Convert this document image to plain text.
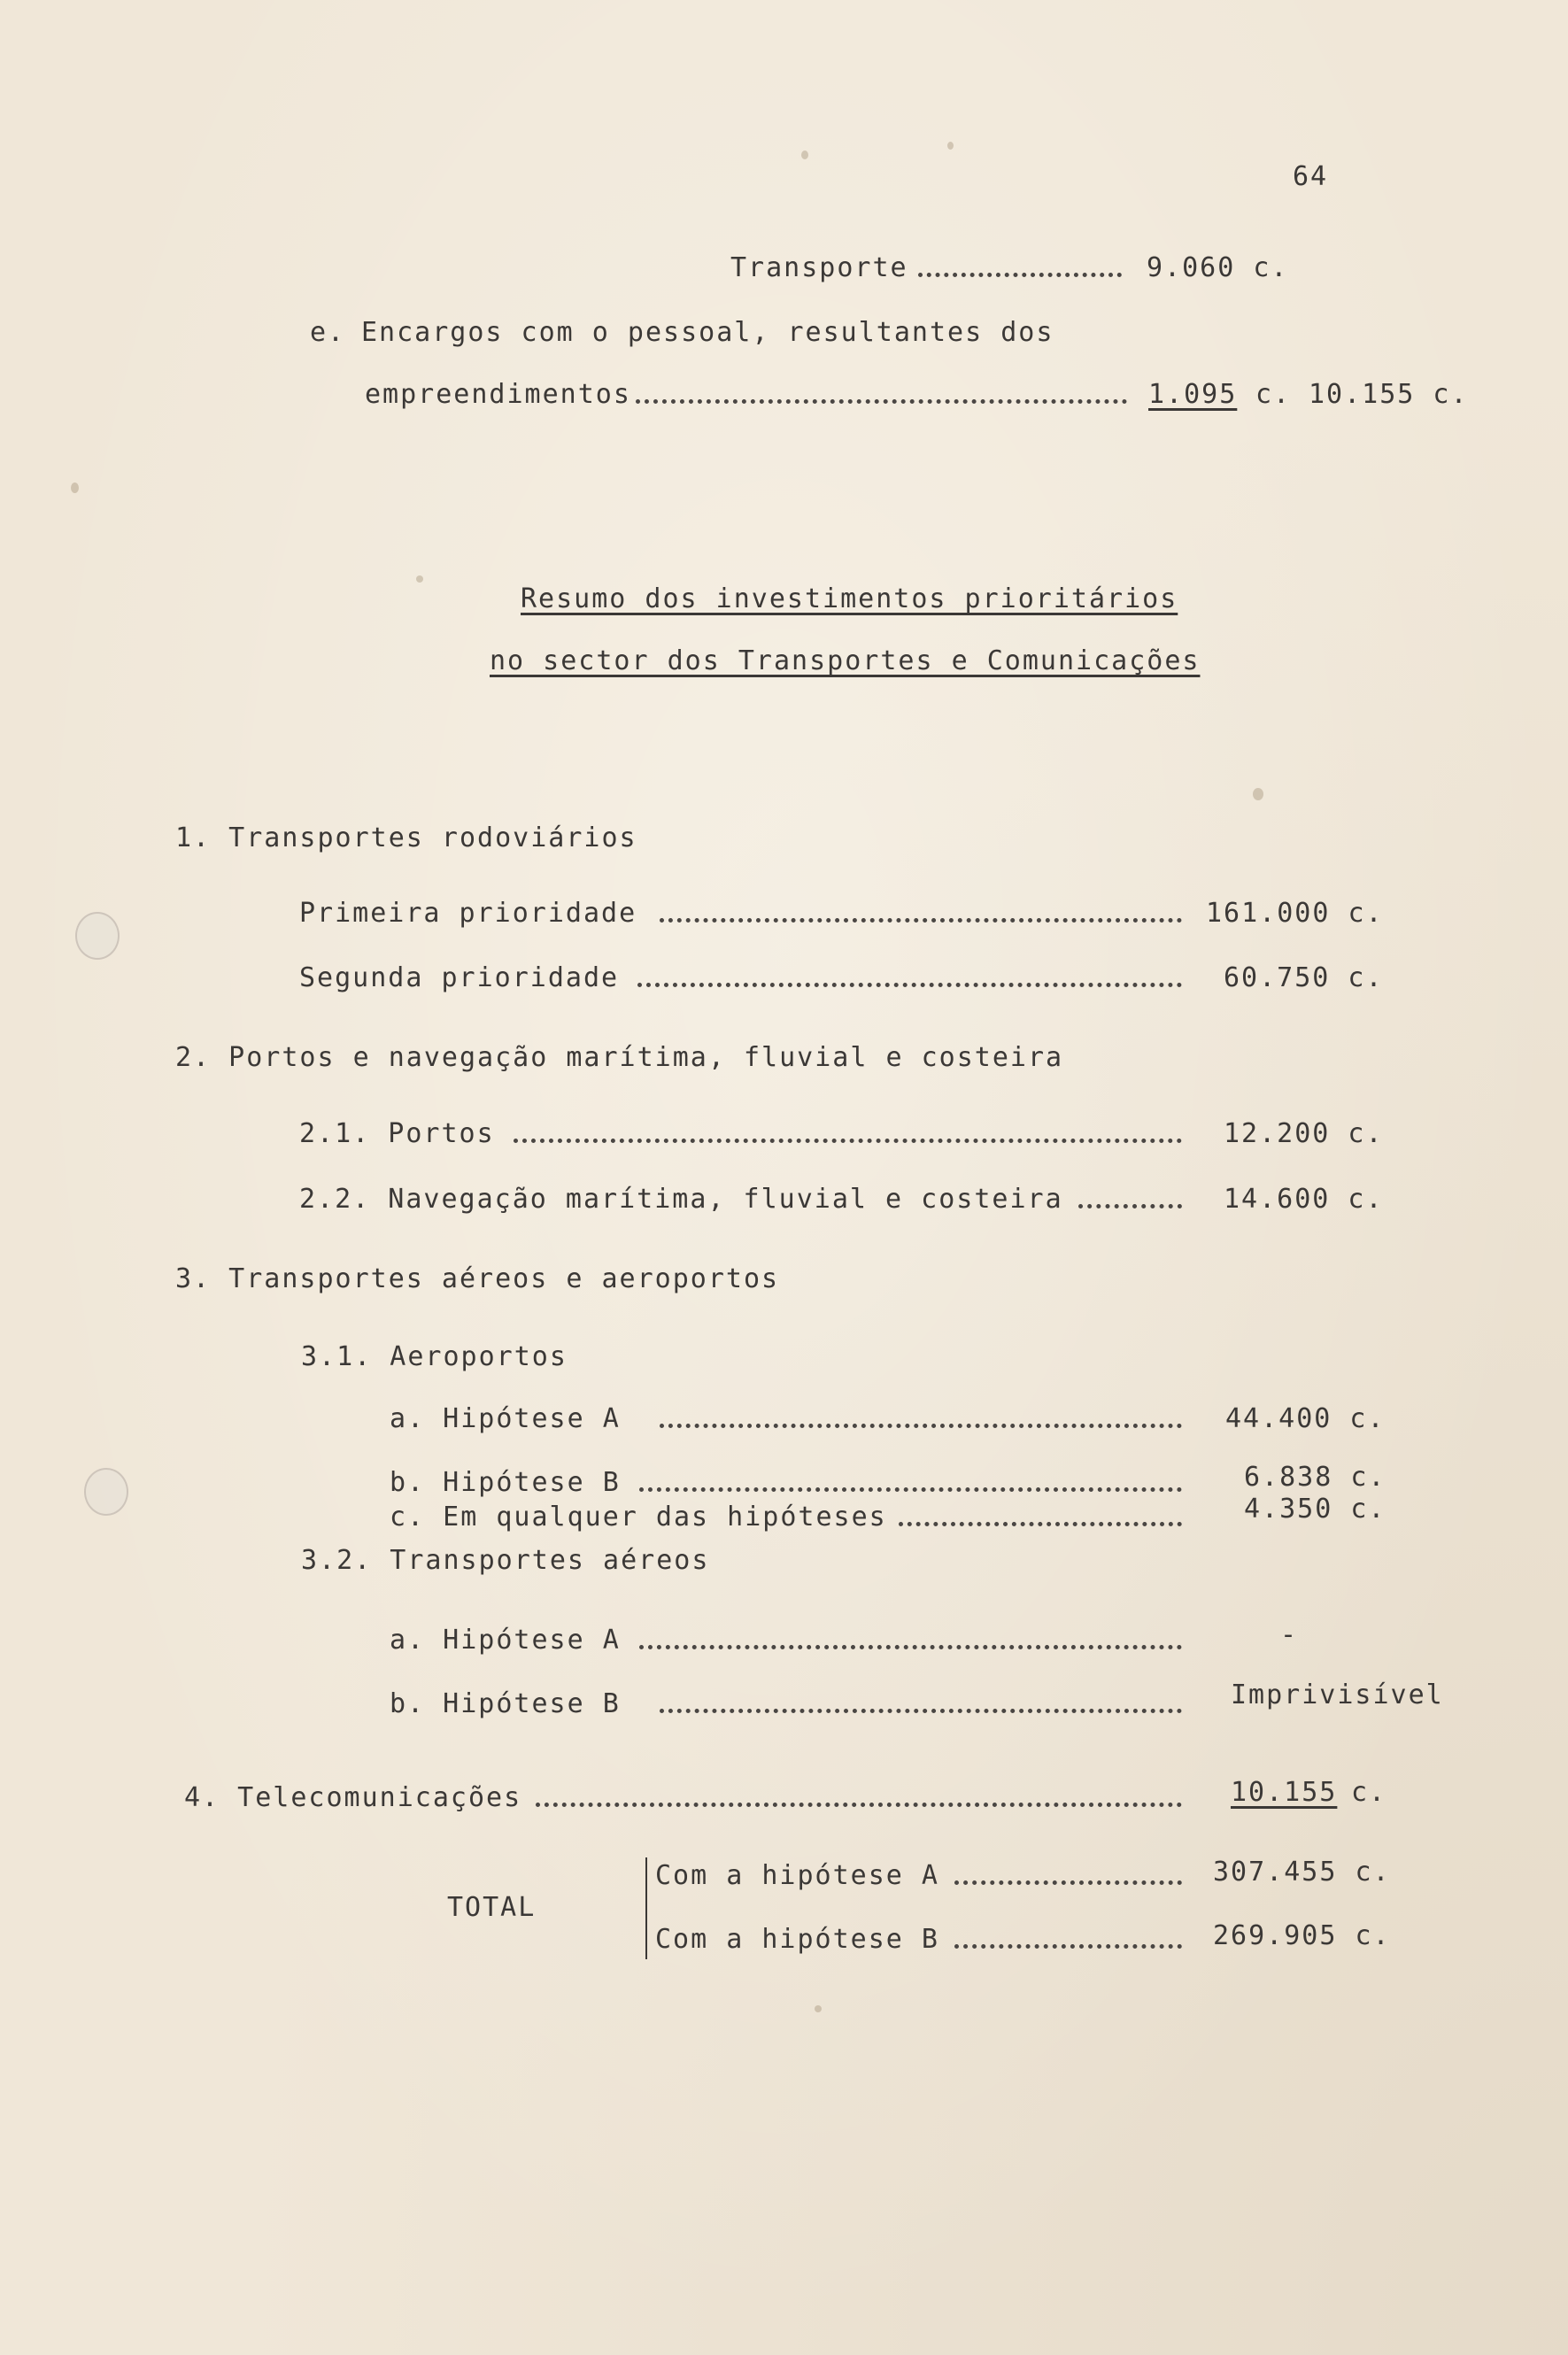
64
Transporte	9.060 c.
e. Encargos com o pessoal, resultantes dos
empreendimentos	1.095 c. 10.155 c.
Resumo dos investimentos prioritários
no sector dos Transportes e Comunicações
1. Transportes rodoviários
Primeira prioridade	161.000 c.
Segunda prioridade	60.750 c.
2. Portos e navegação marítima, fluvial e costeira
2.1. Portos	12.200 c.
2.2. Navegação marítima, fluvial e costeira	14.600 c.
3. Transportes aéreos e aeroportos
3.1. Aeroportos
a. Hipótese A	44.400 c.
b. Hipótese B	6.838 c.
c. Em qualquer das hipóteses	4.350 c.
3.2. Transportes aéreos
a. Hipótese A	-
b. Hipótese B	Imprivisível
4. Telecomunicações	10.155 c.
TOTAL
Com a hipótese A	307.455 c.
Com a hipótese B	269.905 c.
